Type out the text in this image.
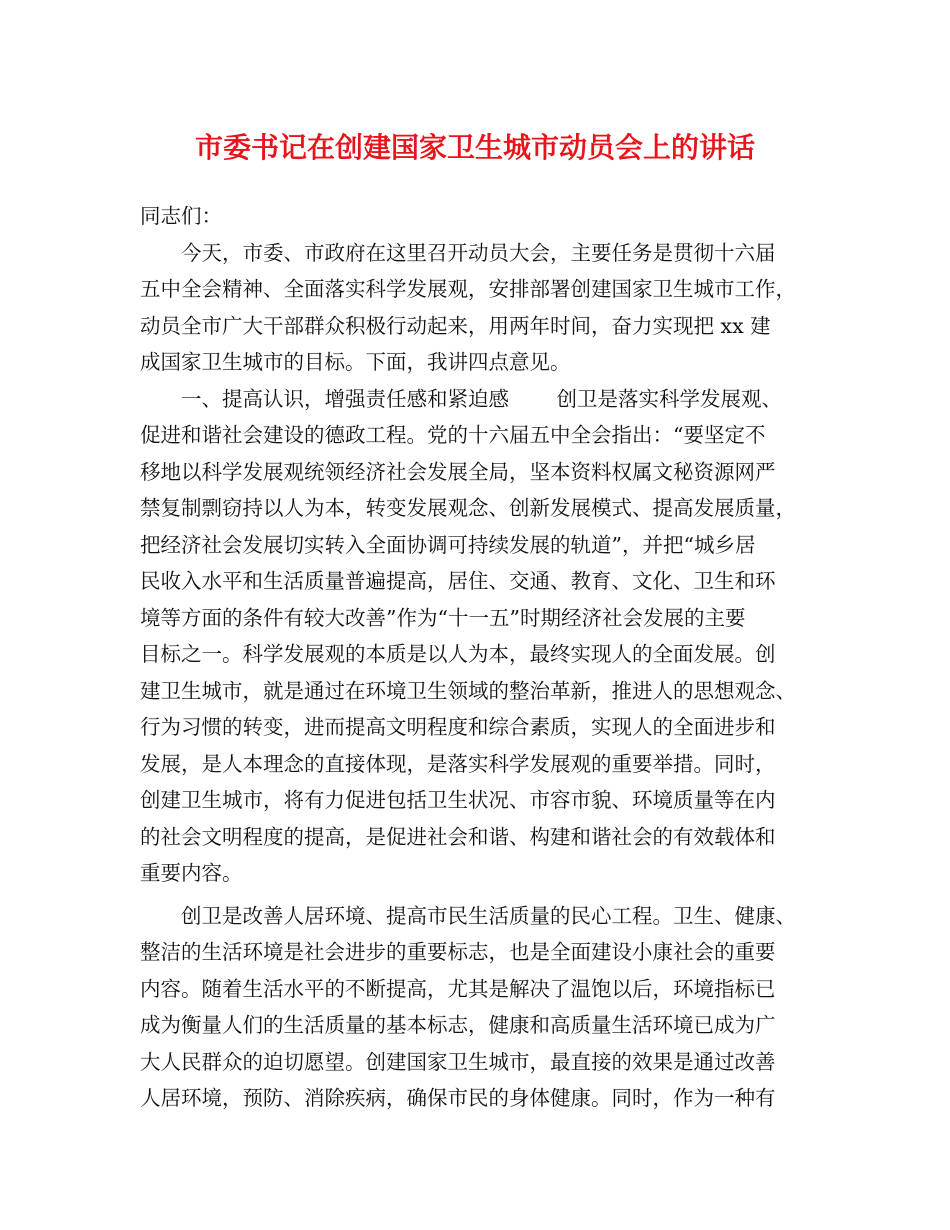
市委书记在创建国家卫生城市动员会上的讲话
同志们：
今天，市委、市政府在这里召开动员大会，主要任务是贯彻十六届
五中全会精神、全面落实科学发展观，安排部署创建国家卫生城市工作，
动员全市广大干部群众积极行动起来，用两年时间，奋力实现把 xx 建
成国家卫生城市的目标。下面，我讲四点意见。
一、提高认识，增强责任感和紧迫感　　 创卫是落实科学发展观、
促进和谐社会建设的德政工程。党的十六届五中全会指出：“要坚定不
移地以科学发展观统领经济社会发展全局，坚本资料权属文秘资源网严
禁复制剽窃持以人为本，转变发展观念、创新发展模式、提高发展质量，
把经济社会发展切实转入全面协调可持续发展的轨道”，并把“城乡居
民收入水平和生活质量普遍提高，居住、交通、教育、文化、卫生和环
境等方面的条件有较大改善”作为“十一五”时期经济社会发展的主要
目标之一。科学发展观的本质是以人为本，最终实现人的全面发展。创
建卫生城市，就是通过在环境卫生领域的整治革新，推进人的思想观念、
行为习惯的转变，进而提高文明程度和综合素质，实现人的全面进步和
发展，是人本理念的直接体现，是落实科学发展观的重要举措。同时，
创建卫生城市，将有力促进包括卫生状况、市容市貌、环境质量等在内
的社会文明程度的提高，是促进社会和谐、构建和谐社会的有效载体和
重要内容。
创卫是改善人居环境、提高市民生活质量的民心工程。卫生、健康、
整洁的生活环境是社会进步的重要标志，也是全面建设小康社会的重要
内容。随着生活水平的不断提高，尤其是解决了温饱以后，环境指标已
成为衡量人们的生活质量的基本标志，健康和高质量生活环境已成为广
大人民群众的迫切愿望。创建国家卫生城市，最直接的效果是通过改善
人居环境，预防、消除疾病，确保市民的身体健康。同时，作为一种有
